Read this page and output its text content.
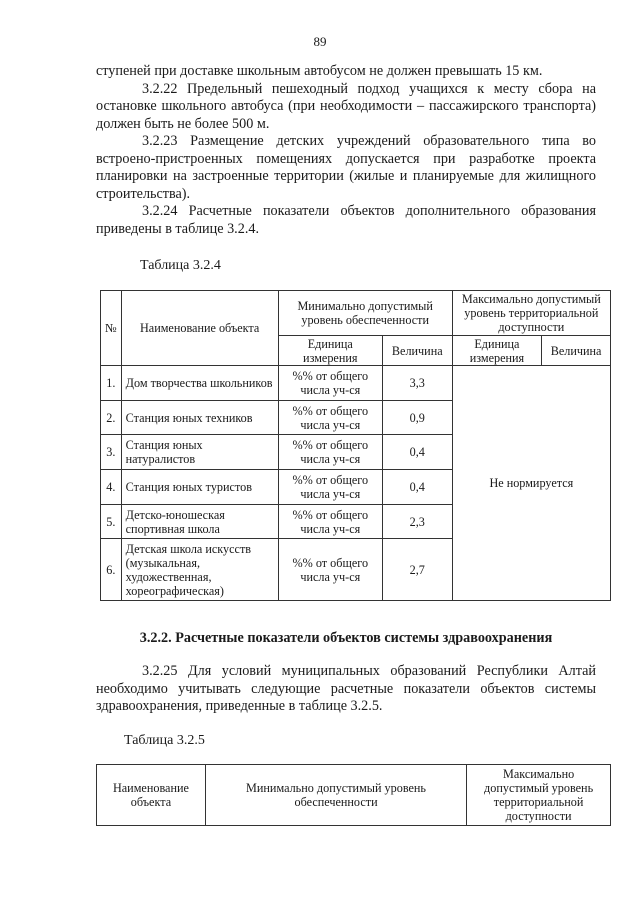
89

ступеней при доставке школьным автобусом не должен превышать 15 км.

3.2.22 Предельный пешеходный подход учащихся к месту сбора на остановке школьного автобуса (при необходимости – пассажирского транспорта) должен быть не более 500 м.

3.2.23 Размещение детских учреждений образовательного типа во встроено-пристроенных помещениях допускается при разработке проекта планировки на застроенные территории (жилые и планируемые для жилищного строительства).

3.2.24 Расчетные показатели объектов дополнительного образования приведены в таблице 3.2.4.

Таблица 3.2.4
№	Наименование объекта	Минимально допустимый уровень обеспеченности		Максимально допустимый уровень территориальной доступности	
		Единица измерения	Величина	Единица измерения	Величина
1.	Дом творчества школьников	%% от общего числа уч-ся	3,3	Не нормируется	
2.	Станция юных техников	%% от общего числа уч-ся	0,9		
3.	Станция юных натуралистов	%% от общего числа уч-ся	0,4		
4.	Станция юных туристов	%% от общего числа уч-ся	0,4		
5.	Детско-юношеская спортивная школа	%% от общего числа уч-ся	2,3		
6.	Детская школа искусств (музыкальная, художественная, хореографическая)	%% от общего числа уч-ся	2,7		
3.2.2. Расчетные показатели объектов системы здравоохранения

3.2.25 Для условий муниципальных образований Республики Алтай необходимо учитывать следующие расчетные показатели объектов системы здравоохранения, приведенные в таблице 3.2.5.

Таблица 3.2.5
Наименование объекта	Минимально допустимый уровень обеспеченности	Максимально допустимый уровень территориальной доступности
